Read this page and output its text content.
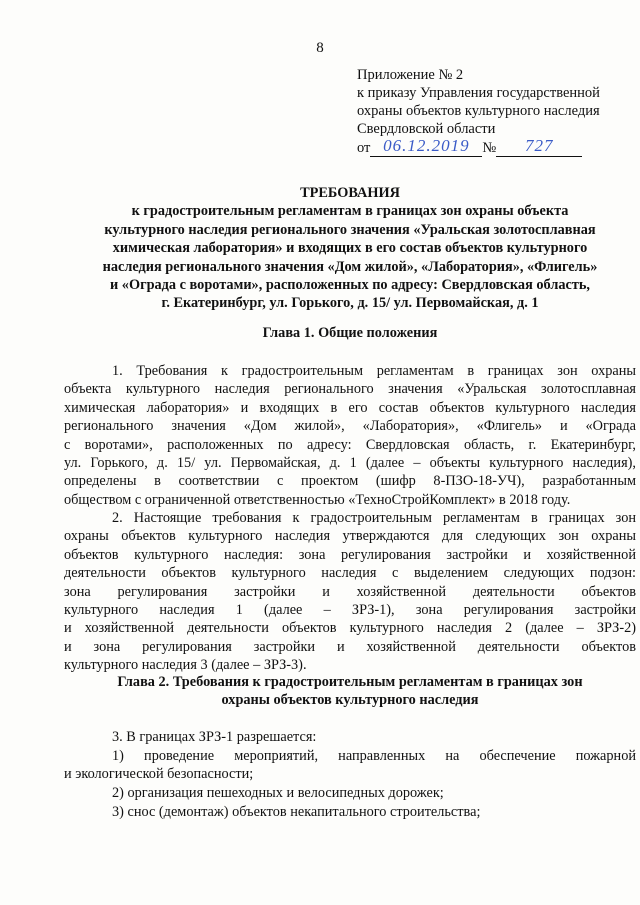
8
Приложение № 2
к приказу Управления государственной
охраны объектов культурного наследия
Свердловской области
от 06.12.2019 №	727
ТРЕБОВАНИЯ
к градостроительным регламентам в границах зон охраны объекта
культурного наследия регионального значения «Уральская золотосплавная
химическая лаборатория» и входящих в его состав объектов культурного
наследия регионального значения «Дом жилой», «Лаборатория», «Флигель»
и «Ограда с воротами», расположенных по адресу: Свердловская область,
г. Екатеринбург, ул. Горького, д. 15/ ул. Первомайская, д. 1
Глава 1. Общие положения
1. Требования к градостроительным регламентам в границах зон охраны
объекта культурного наследия регионального значения «Уральская золотосплавная
химическая лаборатория» и входящих в его состав объектов культурного наследия
регионального значения «Дом жилой», «Лаборатория», «Флигель» и «Ограда
с воротами», расположенных по адресу: Свердловская область, г. Екатеринбург,
ул. Горького, д. 15/ ул. Первомайская, д. 1 (далее – объекты культурного наследия),
определены в соответствии с проектом (шифр 8-ПЗО-18-УЧ), разработанным
обществом с ограниченной ответственностью «ТехноСтройКомплект» в 2018 году.
2. Настоящие требования к градостроительным регламентам в границах зон
охраны объектов культурного наследия утверждаются для следующих зон охраны
объектов культурного наследия: зона регулирования застройки и хозяйственной
деятельности объектов культурного наследия с выделением следующих подзон:
зона регулирования застройки и хозяйственной деятельности объектов
культурного наследия 1 (далее – ЗРЗ-1), зона регулирования застройки
и хозяйственной деятельности объектов культурного наследия 2 (далее – ЗРЗ-2)
и зона регулирования застройки и хозяйственной деятельности объектов
культурного наследия 3 (далее – ЗРЗ-3).
Глава 2. Требования к градостроительным регламентам в границах зон
охраны объектов культурного наследия
3. В границах ЗРЗ-1 разрешается:
1) проведение мероприятий, направленных на обеспечение пожарной
и экологической безопасности;
2) организация пешеходных и велосипедных дорожек;
3) снос (демонтаж) объектов некапитального строительства;
